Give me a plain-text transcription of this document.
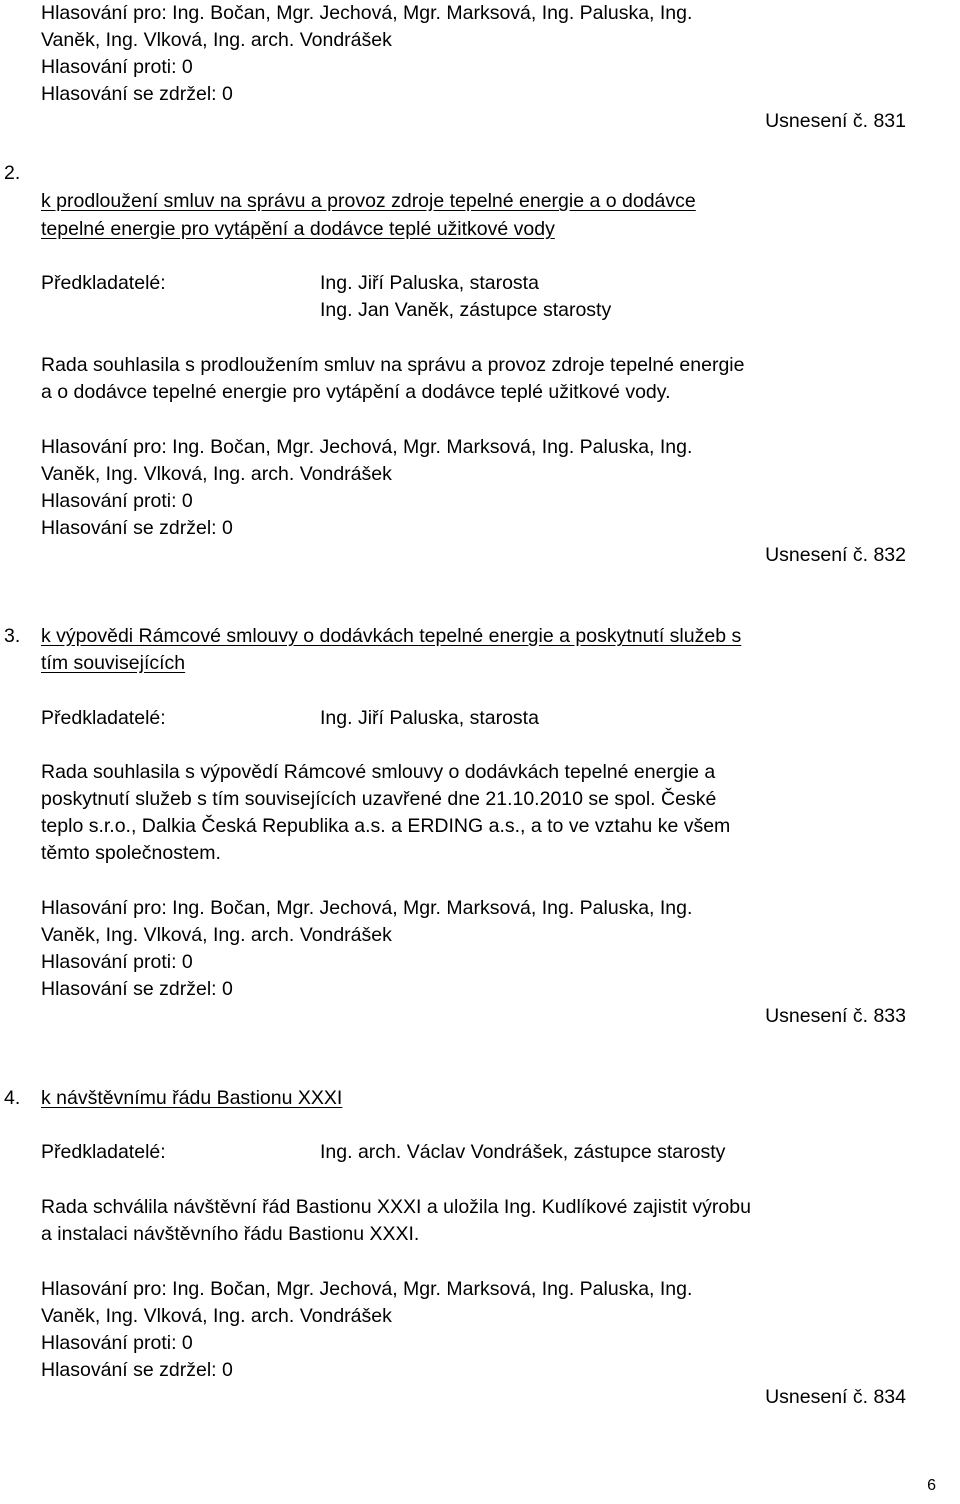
Hlasování pro: Ing. Bočan, Mgr. Jechová, Mgr. Marksová, Ing. Paluska, Ing.
Vaněk, Ing. Vlková, Ing. arch. Vondrášek
Hlasování proti: 0
Hlasování se zdržel: 0
Usnesení č. 831
2.
k prodloužení smluv na správu a provoz zdroje tepelné energie a o dodávce
tepelné energie pro vytápění a dodávce teplé užitkové vody
Předkladatelé:	Ing. Jiří Paluska, starosta
Ing. Jan Vaněk, zástupce starosty
Rada souhlasila s prodloužením smluv na správu a provoz zdroje tepelné energie
a o dodávce tepelné energie pro vytápění a dodávce teplé užitkové vody.
Hlasování pro: Ing. Bočan, Mgr. Jechová, Mgr. Marksová, Ing. Paluska, Ing.
Vaněk, Ing. Vlková, Ing. arch. Vondrášek
Hlasování proti: 0
Hlasování se zdržel: 0
Usnesení č. 832
3. k výpovědi Rámcové smlouvy o dodávkách tepelné energie a poskytnutí služeb s
tím souvisejících
Předkladatelé:	Ing. Jiří Paluska, starosta
Rada souhlasila s výpovědí Rámcové smlouvy o dodávkách tepelné energie a
poskytnutí služeb s tím souvisejících uzavřené dne 21.10.2010 se spol. České
teplo s.r.o., Dalkia Česká Republika a.s. a ERDING a.s., a to ve vztahu ke všem
těmto společnostem.
Hlasování pro: Ing. Bočan, Mgr. Jechová, Mgr. Marksová, Ing. Paluska, Ing.
Vaněk, Ing. Vlková, Ing. arch. Vondrášek
Hlasování proti: 0
Hlasování se zdržel: 0
Usnesení č. 833
4. k návštěvnímu řádu Bastionu XXXI
Předkladatelé:	Ing. arch. Václav Vondrášek, zástupce starosty
Rada schválila návštěvní řád Bastionu XXXI a uložila Ing. Kudlíkové zajistit výrobu
a instalaci návštěvního řádu Bastionu XXXI.
Hlasování pro: Ing. Bočan, Mgr. Jechová, Mgr. Marksová, Ing. Paluska, Ing.
Vaněk, Ing. Vlková, Ing. arch. Vondrášek
Hlasování proti: 0
Hlasování se zdržel: 0
Usnesení č. 834
6
